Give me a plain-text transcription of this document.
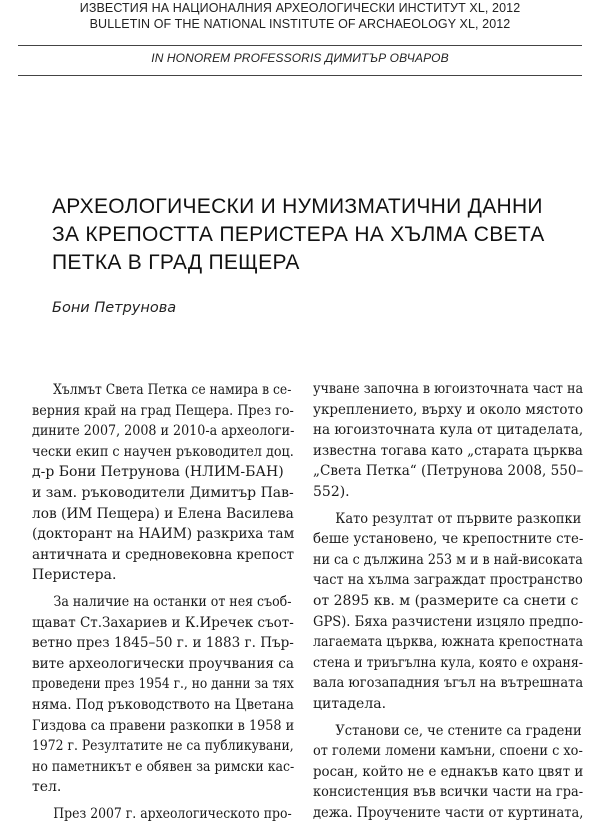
ИЗВЕСТИЯ НА НАЦИОНАЛНИЯ АРХЕОЛОГИЧЕСКИ ИНСТИТУТ XL, 2012
BULLETIN OF THE NATIONAL INSTITUTE OF ARCHAEOLOGY XL, 2012
IN HONOREM PROFESSORIS ДИМИТЪР ОВЧАРОВ
АРХЕОЛОГИЧЕСКИ И НУМИЗМАТИЧНИ ДАННИ
ЗА КРЕПОСТТА ПЕРИСТЕРА НА ХЪЛМА СВЕТА
ПЕТКА В ГРАД ПЕЩЕРА
Бони Петрунова
Хълмът Света Петка се намира в се-
верния край на град Пещера. През го-
дините 2007, 2008 и 2010-а археологи-
чески екип с научен ръководител доц.
д-р Бони Петрунова (НЛИМ-БАН)
и зам. ръководители Димитър Пав-
лов (ИМ Пещера) и Елена Василева
(докторант на НАИМ) разкриха там
античната и средновековна крепост
Перистера.
За наличие на останки от нея съоб-
щават Ст.Захариев и К.Иречек съот-
ветно през 1845–50 г. и 1883 г. Пър-
вите археологически проучвания са
проведени през 1954 г., но данни за тях
няма. Под ръководството на Цветана
Гиздова са правени разкопки в 1958 и
1972 г. Резултатите не са публикувани,
но паметникът е обявен за римски кас-
тел.
През 2007 г. археологическото про-
учване започна в югоизточната част на
укреплението, върху и около мястото
на югоизточната кула от цитаделата,
известна тогава като „старата църква
„Света Петка“ (Петрунова 2008, 550–
552).
Като резултат от първите разкопки
беше установено, че крепостните сте-
ни са с дължина 253 м и в най-високата
част на хълма заграждат пространство
от 2895 кв. м (размерите са снети с
GPS). Бяха разчистени изцяло предпо-
лагаемата църква, южната крепостната
стена и триъгълна кула, която е охраня-
вала югозападния ъгъл на вътрешната
цитадела.
Установи се, че стените са градени
от големи ломени камъни, споени с хо-
росан, който не е еднакъв като цвят и
консистенция във всички части на гра-
дежа. Проучените части от куртината,
